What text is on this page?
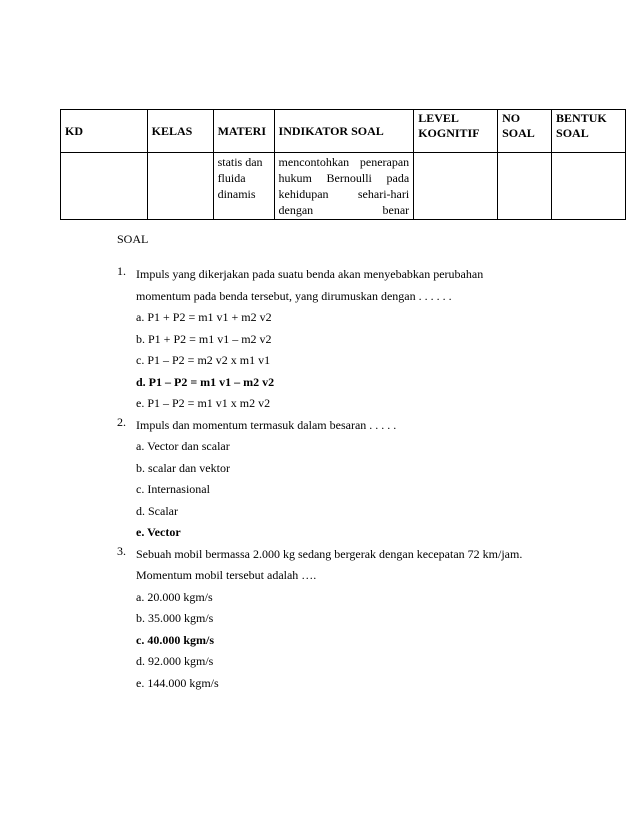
KD	KELAS	MATERI	INDIKATOR SOAL	LEVEL KOGNITIF	NO SOAL	BENTUK SOAL
		statis dan fluida dinamis	mencontohkan penerapan hukum Bernoulli pada kehidupan sehari-hari dengan benar			
SOAL
1. Impuls yang dikerjakan pada suatu benda akan menyebabkan perubahan
momentum pada benda tersebut, yang dirumuskan dengan . . . . . .
a. P1 + P2 = m1 v1 + m2 v2
b. P1 + P2 = m1 v1 – m2 v2
c. P1 – P2 = m2 v2 x m1 v1
d. P1 – P2 = m1 v1 – m2 v2
e. P1 – P2 = m1 v1 x m2 v2
2. Impuls dan momentum termasuk dalam besaran . . . . .
a. Vector dan scalar
b. scalar dan vektor
c. Internasional
d. Scalar
e. Vector
3. Sebuah mobil bermassa 2.000 kg sedang bergerak dengan kecepatan 72 km/jam.
Momentum mobil tersebut adalah ….
a. 20.000 kgm/s
b. 35.000 kgm/s
c. 40.000 kgm/s
d. 92.000 kgm/s
e. 144.000 kgm/s
